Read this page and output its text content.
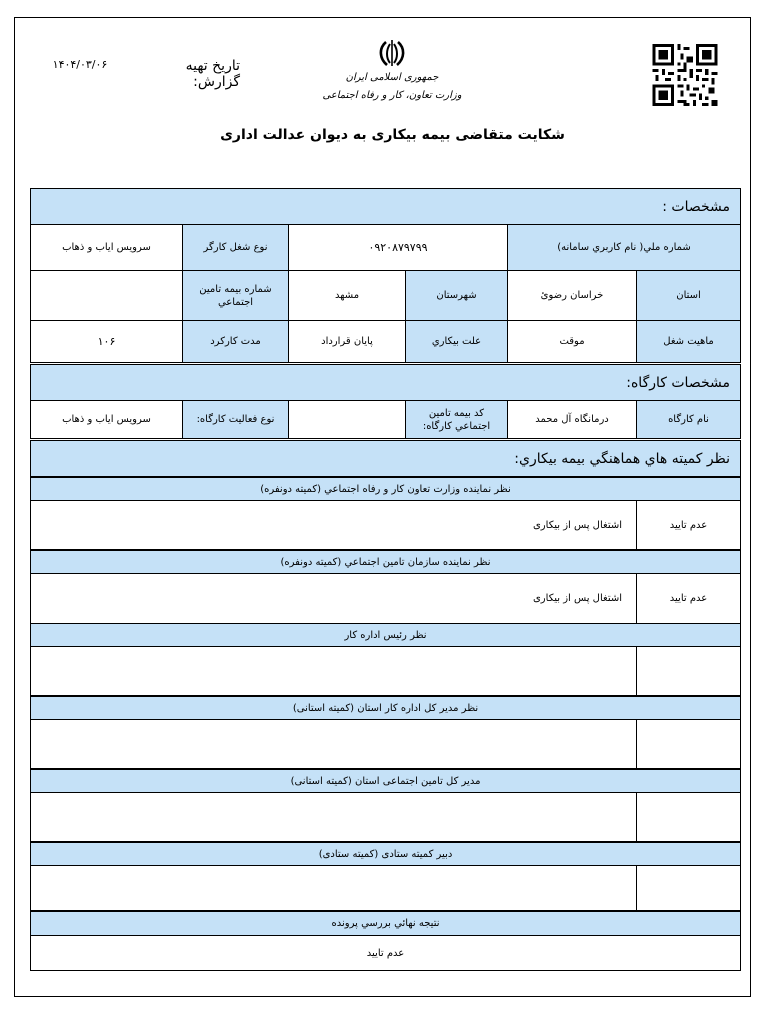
تاریخ تهیه گزارش:
۱۴۰۴/۰۳/۰۶
جمهوری اسلامی ایران
وزارت تعاون، کار و رفاه اجتماعی
شکایت متقاضی بیمه بیکاری به دیوان عدالت اداری
مشخصات :
شماره ملي( نام کاربري سامانه)
۰۹۲۰۸۷۹۷۹۹
نوع شغل کارگر
سرویس ایاب و ذهاب
استان
خراسان رضوئ
شهرستان
مشهد
شماره بیمه تامین اجتماعي
ماهیت شغل
موقت
علت بیکاري
پایان قرارداد
مدت کارکرد
۱۰۶
مشخصات کارگاه:
نام کارگاه
درمانگاه آل محمد
کد بیمه تامین اجتماعي کارگاه:
نوع فعالیت کارگاه:
سرویس ایاب و ذهاب
نظر کمیته هاي هماهنگي بیمه بیکاري:
نظر نماینده وزارت تعاون کار و رفاه اجتماعي (کمیته دونفره)
اشتغال پس از بیکاری	عدم تایید
نظر نماینده سازمان تامین اجتماعي (کمیته دونفره)
اشتغال پس از بیکاری	عدم تایید
نظر رئیس اداره کار
نظر مدیر کل اداره کار استان (کمیته استانی)
مدیر کل تامین اجتماعی استان (کمیته استانی)
دبیر کمیته ستادی (کمیته ستادی)
نتیجه نهائي بررسي پرونده
عدم تایید
